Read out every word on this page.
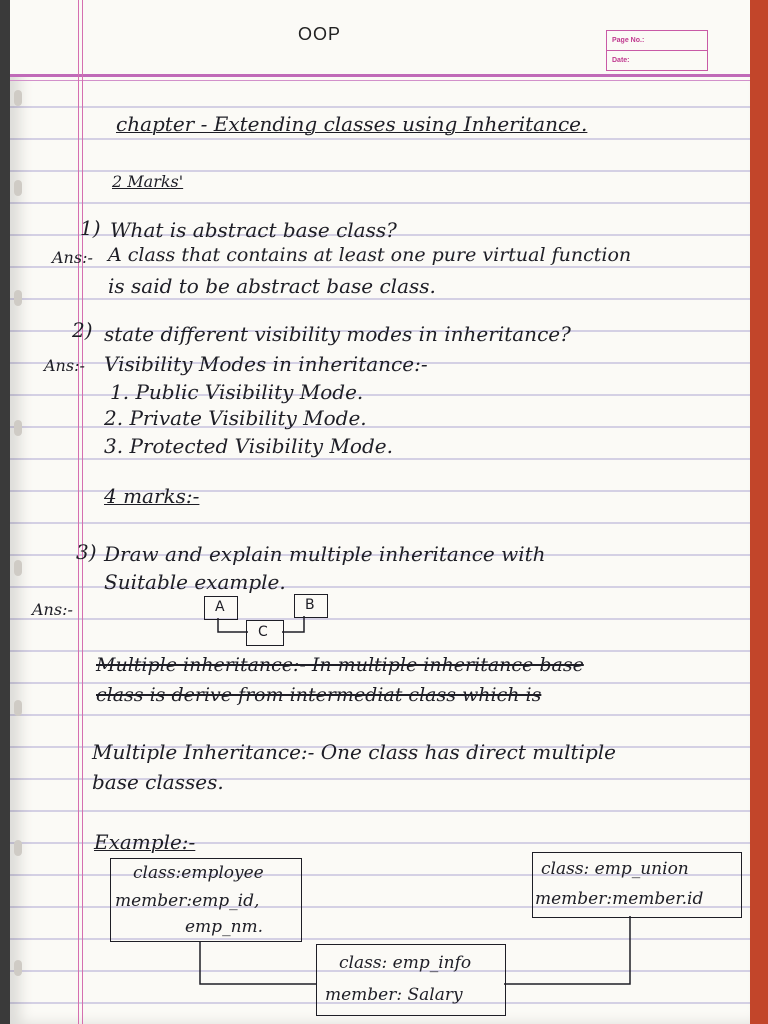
OOP	Page No.:
Date:
chapter - Extending classes using Inheritance.
2 Marks'
1) What is abstract base class?
Ans:- A class that contains at least one pure virtual function
is said to be abstract base class.
2) state different visibility modes in inheritance?
Ans:- Visibility Modes in inheritance:-
1. Public Visibility Mode.
2. Private Visibility Mode.
3. Protected Visibility Mode.
4 marks:-
3) Draw and explain multiple inheritance with
Suitable example.
Ans:-	A	B
C
Multiple inheritance:- In multiple inheritance base
class is derive from intermediat class which is
Multiple Inheritance:- One class has direct multiple
base classes.
Example:-
class:employee
member:emp_id,
emp_nm.
class: emp_union
member:member.id
class: emp_info
member: Salary
